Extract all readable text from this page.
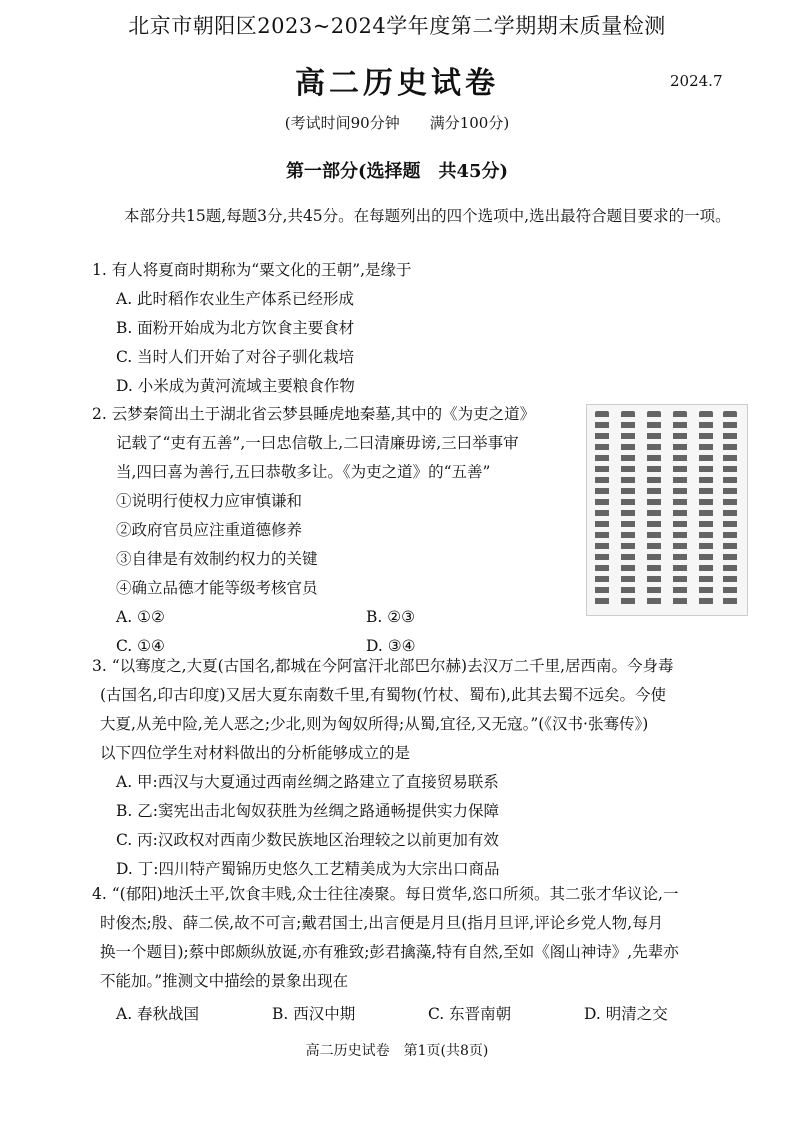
北京市朝阳区2023~2024学年度第二学期期末质量检测
高二历史试卷	2024.7
(考试时间90分钟　　满分100分)
第一部分(选择题　共45分)
本部分共15题,每题3分,共45分。在每题列出的四个选项中,选出最符合题目要求的一项。

1. 有人将夏商时期称为“粟文化的王朝”,是缘于

A. 此时稻作农业生产体系已经形成

B. 面粉开始成为北方饮食主要食材

C. 当时人们开始了对谷子驯化栽培

D. 小米成为黄河流域主要粮食作物

2. 云梦秦简出土于湖北省云梦县睡虎地秦墓,其中的《为吏之道》

记载了“吏有五善”,一曰忠信敬上,二曰清廉毋谤,三曰举事审

当,四曰喜为善行,五曰恭敬多让。《为吏之道》的“五善”

①说明行使权力应审慎谦和

②政府官员应注重道德修养

③自律是有效制约权力的关键

④确立品德才能等级考核官员

A. ①②	B. ②③
C. ①④	D. ③④

3. “以骞度之,大夏(古国名,都城在今阿富汗北部巴尔赫)去汉万二千里,居西南。今身毒

(古国名,印古印度)又居大夏东南数千里,有蜀物(竹杖、蜀布),此其去蜀不远矣。今使

大夏,从羌中险,羌人恶之;少北,则为匈奴所得;从蜀,宜径,又无寇。”(《汉书·张骞传》)

以下四位学生对材料做出的分析能够成立的是

A. 甲:西汉与大夏通过西南丝绸之路建立了直接贸易联系

B. 乙:窦宪出击北匈奴获胜为丝绸之路通畅提供实力保障

C. 丙:汉政权对西南少数民族地区治理较之以前更加有效

D. 丁:四川特产蜀锦历史悠久工艺精美成为大宗出口商品

4. “(郁阳)地沃土平,饮食丰贱,众士往往凑聚。每日赏华,恣口所须。其二张才华议论,一

时俊杰;殷、薛二侯,故不可言;戴君国士,出言便是月旦(指月旦评,评论乡党人物,每月

换一个题目);蔡中郎颇纵放诞,亦有雅致;彭君擒藻,特有自然,至如《阁山神诗》,先辈亦

不能加。”推测文中描绘的景象出现在

A. 春秋战国	B. 西汉中期	C. 东晋南朝	D. 明清之交
高二历史试卷　第1页(共8页)
